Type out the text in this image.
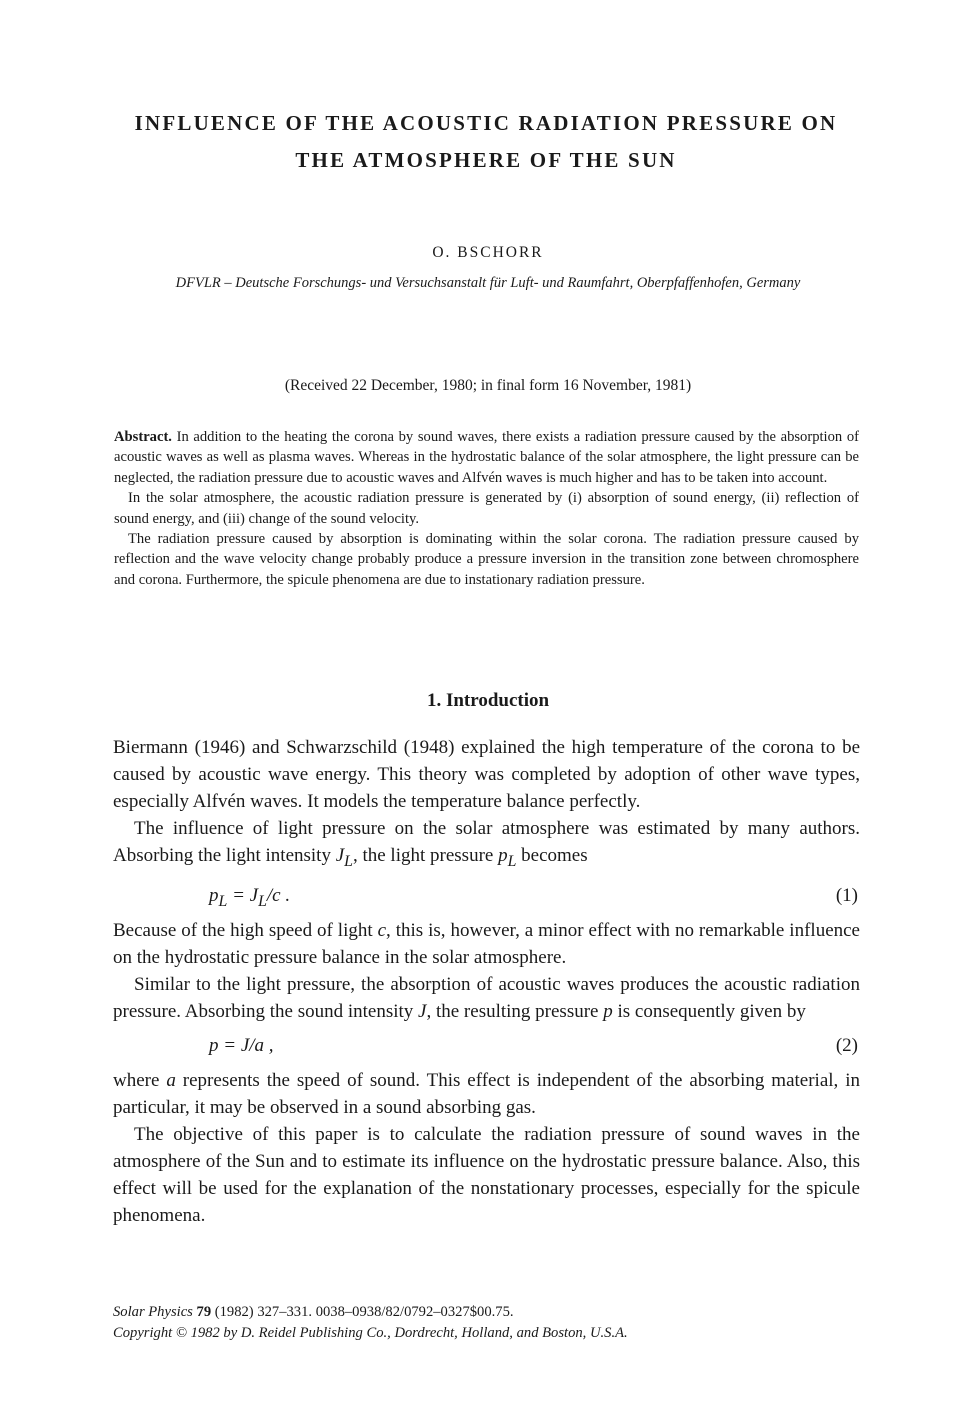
INFLUENCE OF THE ACOUSTIC RADIATION PRESSURE ON
THE ATMOSPHERE OF THE SUN
O. BSCHORR
DFVLR – Deutsche Forschungs- und Versuchsanstalt für Luft- und Raumfahrt, Oberpfaffenhofen, Germany
(Received 22 December, 1980; in final form 16 November, 1981)

Abstract. In addition to the heating the corona by sound waves, there exists a radiation pressure caused by the absorption of acoustic waves as well as plasma waves. Whereas in the hydrostatic balance of the solar atmosphere, the light pressure can be neglected, the radiation pressure due to acoustic waves and Alfvén waves is much higher and has to be taken into account.

In the solar atmosphere, the acoustic radiation pressure is generated by (i) absorption of sound energy, (ii) reflection of sound energy, and (iii) change of the sound velocity.

The radiation pressure caused by absorption is dominating within the solar corona. The radiation pressure caused by reflection and the wave velocity change probably produce a pressure inversion in the transition zone between chromosphere and corona. Furthermore, the spicule phenomena are due to instationary radiation pressure.

1. Introduction

Biermann (1946) and Schwarzschild (1948) explained the high temperature of the corona to be caused by acoustic wave energy. This theory was completed by adoption of other wave types, especially Alfvén waves. It models the temperature balance perfectly.

The influence of light pressure on the solar atmosphere was estimated by many authors. Absorbing the light intensity $J_L$, the light pressure $p_L$ becomes

$p_L = J_L/c$ .	(1)

Because of the high speed of light c, this is, however, a minor effect with no remarkable influence on the hydrostatic pressure balance in the solar atmosphere.

Similar to the light pressure, the absorption of acoustic waves produces the acoustic radiation pressure. Absorbing the sound intensity J, the resulting pressure p is consequently given by

p = J/a ,	(2)

where a represents the speed of sound. This effect is independent of the absorbing material, in particular, it may be observed in a sound absorbing gas.

The objective of this paper is to calculate the radiation pressure of sound waves in the atmosphere of the Sun and to estimate its influence on the hydrostatic pressure balance. Also, this effect will be used for the explanation of the nonstationary processes, especially for the spicule phenomena.

Solar Physics 79 (1982) 327–331. 0038–0938/82/0792–0327$00.75.
Copyright © 1982 by D. Reidel Publishing Co., Dordrecht, Holland, and Boston, U.S.A.
